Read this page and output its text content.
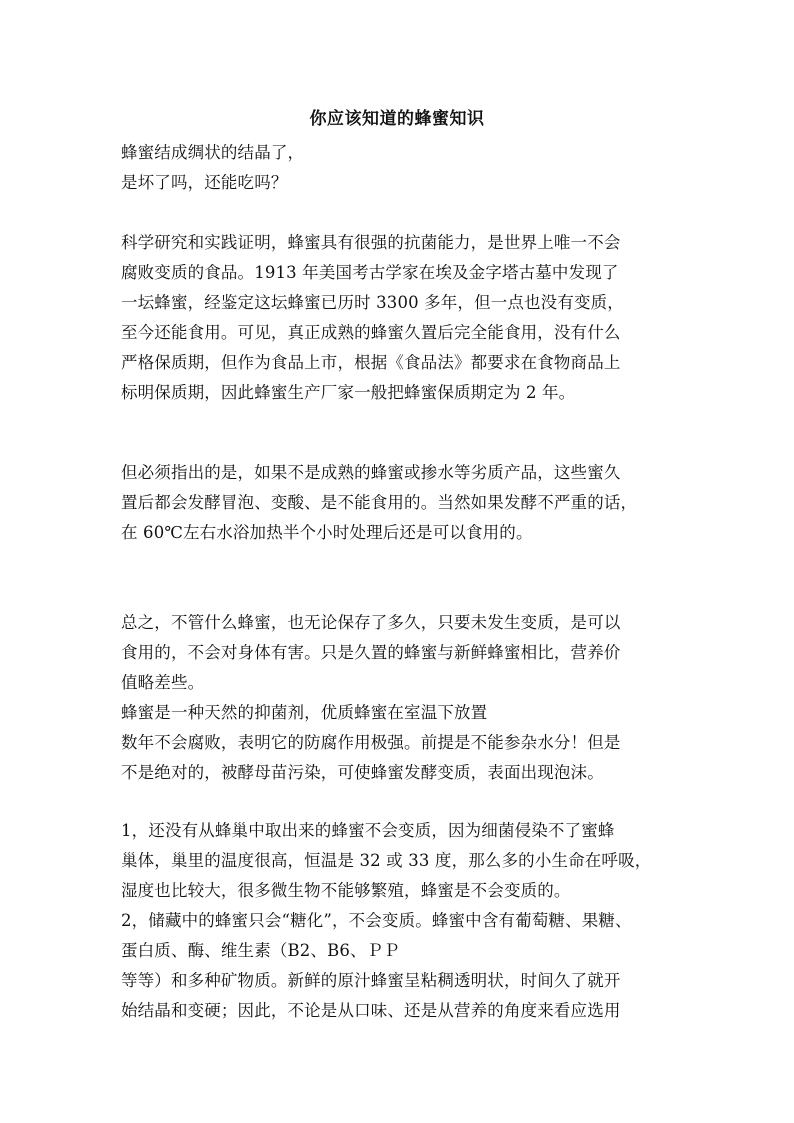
你应该知道的蜂蜜知识
蜂蜜结成绸状的结晶了，
是坏了吗，还能吃吗？
科学研究和实践证明，蜂蜜具有很强的抗菌能力，是世界上唯一不会
腐败变质的食品。1913 年美国考古学家在埃及金字塔古墓中发现了
一坛蜂蜜，经鉴定这坛蜂蜜已历时 3300 多年，但一点也没有变质，
至今还能食用。可见，真正成熟的蜂蜜久置后完全能食用，没有什么
严格保质期，但作为食品上市，根据《食品法》都要求在食物商品上
标明保质期，因此蜂蜜生产厂家一般把蜂蜜保质期定为 2 年。
但必须指出的是，如果不是成熟的蜂蜜或掺水等劣质产品，这些蜜久
置后都会发酵冒泡、变酸、是不能食用的。当然如果发酵不严重的话，
在 60℃左右水浴加热半个小时处理后还是可以食用的。
总之，不管什么蜂蜜，也无论保存了多久，只要未发生变质，是可以
食用的，不会对身体有害。只是久置的蜂蜜与新鲜蜂蜜相比，营养价
值略差些。
蜂蜜是一种天然的抑菌剂，优质蜂蜜在室温下放置
数年不会腐败，表明它的防腐作用极强。前提是不能参杂水分！但是
不是绝对的，被酵母苗污染，可使蜂蜜发酵变质，表面出现泡沫。
1，还没有从蜂巢中取出来的蜂蜜不会变质，因为细菌侵染不了蜜蜂
巢体，巢里的温度很高，恒温是 32 或 33 度，那么多的小生命在呼吸，
湿度也比较大，很多微生物不能够繁殖，蜂蜜是不会变质的。
2，储藏中的蜂蜜只会“糖化”，不会变质。蜂蜜中含有葡萄糖、果糖、
蛋白质、酶、维生素（B2、B6、ＰＰ
等等）和多种矿物质。新鲜的原汁蜂蜜呈粘稠透明状，时间久了就开
始结晶和变硬；因此，不论是从口味、还是从营养的角度来看应选用
